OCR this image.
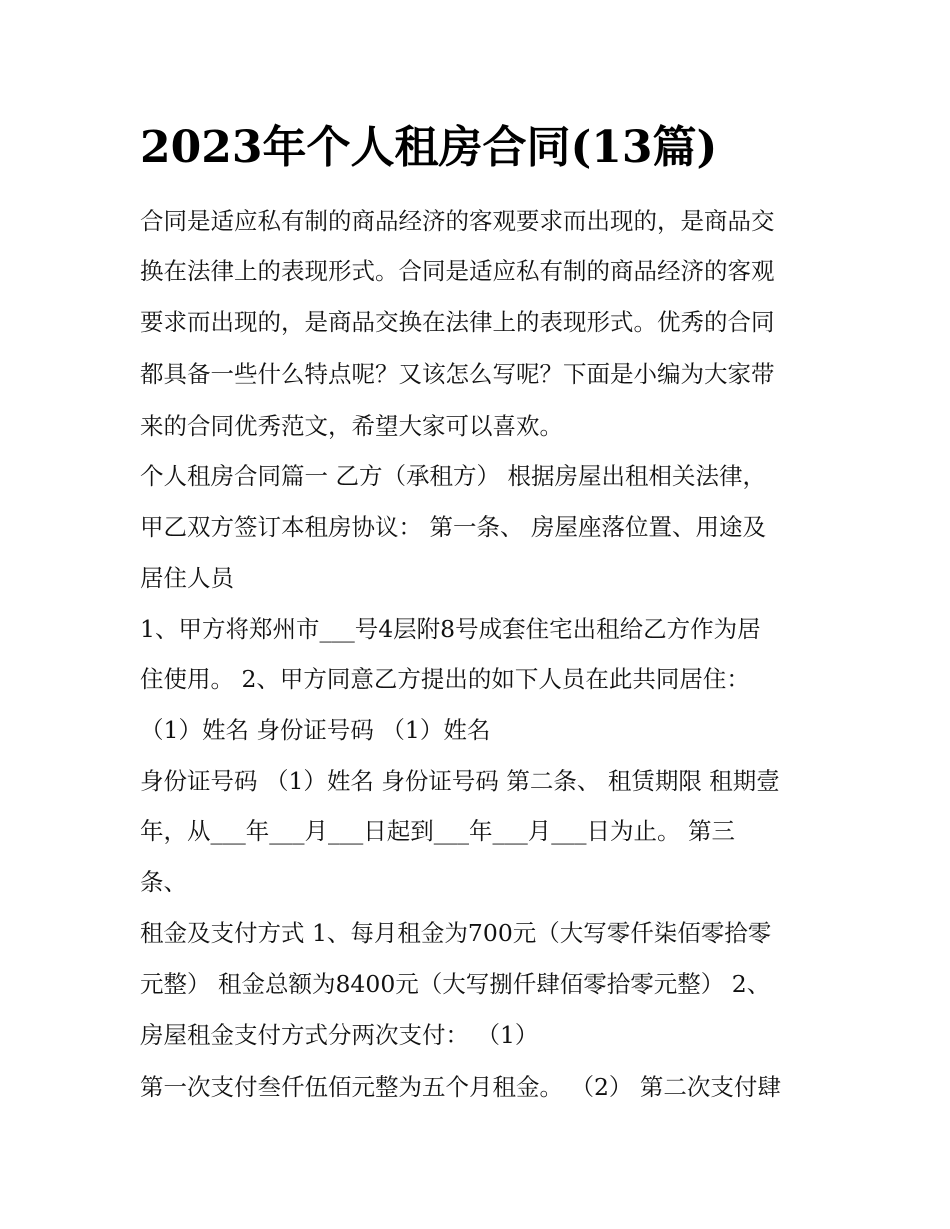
2023年个人租房合同(13篇)

合同是适应私有制的商品经济的客观要求而出现的，是商品交

换在法律上的表现形式。合同是适应私有制的商品经济的客观

要求而出现的，是商品交换在法律上的表现形式。优秀的合同

都具备一些什么特点呢？又该怎么写呢？下面是小编为大家带

来的合同优秀范文，希望大家可以喜欢。

个人租房合同篇一 乙方（承租方） 根据房屋出租相关法律，

甲乙双方签订本租房协议： 第一条、 房屋座落位置、用途及

居住人员

1、甲方将郑州市___号4层附8号成套住宅出租给乙方作为居

住使用。 2、甲方同意乙方提出的如下人员在此共同居住：

（1）姓名 身份证号码 （1）姓名

身份证号码 （1）姓名 身份证号码 第二条、 租赁期限 租期壹

年，从___年___月___日起到___年___月___日为止。 第三

条、

租金及支付方式 1、每月租金为700元（大写零仟柒佰零拾零

元整） 租金总额为8400元（大写捌仟肆佰零拾零元整） 2、

房屋租金支付方式分两次支付： （1）

第一次支付叁仟伍佰元整为五个月租金。 （2） 第二次支付肆
